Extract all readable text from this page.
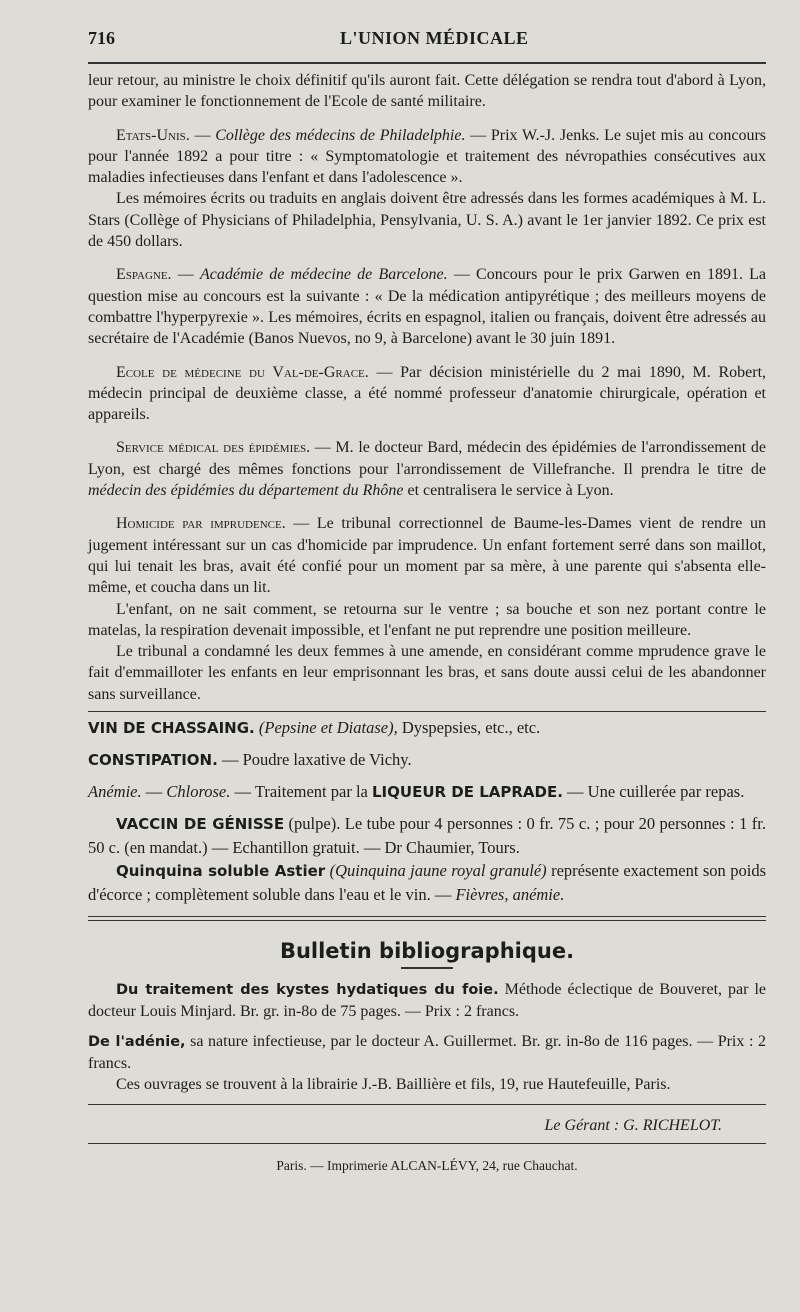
716	L'UNION MÉDICALE

leur retour, au ministre le choix définitif qu'ils auront fait. Cette délégation se rendra tout d'abord à Lyon, pour examiner le fonctionnement de l'Ecole de santé militaire.

Etats-Unis. — Collège des médecins de Philadelphie. — Prix W.-J. Jenks. Le sujet mis au concours pour l'année 1892 a pour titre : « Symptomatologie et traitement des névropathies consécutives aux maladies infectieuses dans l'enfant et dans l'adolescence ».

Les mémoires écrits ou traduits en anglais doivent être adressés dans les formes académiques à M. L. Stars (Collège of Physicians of Philadelphia, Pensylvania, U. S. A.) avant le 1er janvier 1892. Ce prix est de 450 dollars.

Espagne. — Académie de médecine de Barcelone. — Concours pour le prix Garwen en 1891. La question mise au concours est la suivante : « De la médication antipyrétique ; des meilleurs moyens de combattre l'hyperpyrexie ». Les mémoires, écrits en espagnol, italien ou français, doivent être adressés au secrétaire de l'Académie (Banos Nuevos, no 9, à Barcelone) avant le 30 juin 1891.

Ecole de médecine du Val-de-Grace. — Par décision ministérielle du 2 mai 1890, M. Robert, médecin principal de deuxième classe, a été nommé professeur d'anatomie chirurgicale, opération et appareils.

Service médical des épidémies. — M. le docteur Bard, médecin des épidémies de l'arrondissement de Lyon, est chargé des mêmes fonctions pour l'arrondissement de Villefranche. Il prendra le titre de médecin des épidémies du département du Rhône et centralisera le service à Lyon.

Homicide par imprudence. — Le tribunal correctionnel de Baume-les-Dames vient de rendre un jugement intéressant sur un cas d'homicide par imprudence. Un enfant fortement serré dans son maillot, qui lui tenait les bras, avait été confié pour un moment par sa mère, à une parente qui s'absenta elle-même, et coucha dans un lit.

L'enfant, on ne sait comment, se retourna sur le ventre ; sa bouche et son nez portant contre le matelas, la respiration devenait impossible, et l'enfant ne put reprendre une position meilleure.

Le tribunal a condamné les deux femmes à une amende, en considérant comme mprudence grave le fait d'emmailloter les enfants en leur emprisonnant les bras, et sans doute aussi celui de les abandonner sans surveillance.

VIN DE CHASSAING. (Pepsine et Diatase), Dyspepsies, etc., etc.

CONSTIPATION. — Poudre laxative de Vichy.

Anémie. — Chlorose. — Traitement par la LIQUEUR DE LAPRADE. — Une cuillerée par repas.

VACCIN DE GÉNISSE (pulpe). Le tube pour 4 personnes : 0 fr. 75 c. ; pour 20 personnes : 1 fr. 50 c. (en mandat.) — Echantillon gratuit. — Dr Chaumier, Tours.

Quinquina soluble Astier (Quinquina jaune royal granulé) représente exactement son poids d'écorce ; complètement soluble dans l'eau et le vin. — Fièvres, anémie.

Bulletin bibliographique.

Du traitement des kystes hydatiques du foie. Méthode éclectique de Bouveret, par le docteur Louis Minjard. Br. gr. in-8o de 75 pages. — Prix : 2 francs.

De l'adénie, sa nature infectieuse, par le docteur A. Guillermet. Br. gr. in-8o de 116 pages. — Prix : 2 francs.

Ces ouvrages se trouvent à la librairie J.-B. Baillière et fils, 19, rue Hautefeuille, Paris.

Le Gérant : G. RICHELOT.
Paris. — Imprimerie ALCAN-LÉVY, 24, rue Chauchat.
